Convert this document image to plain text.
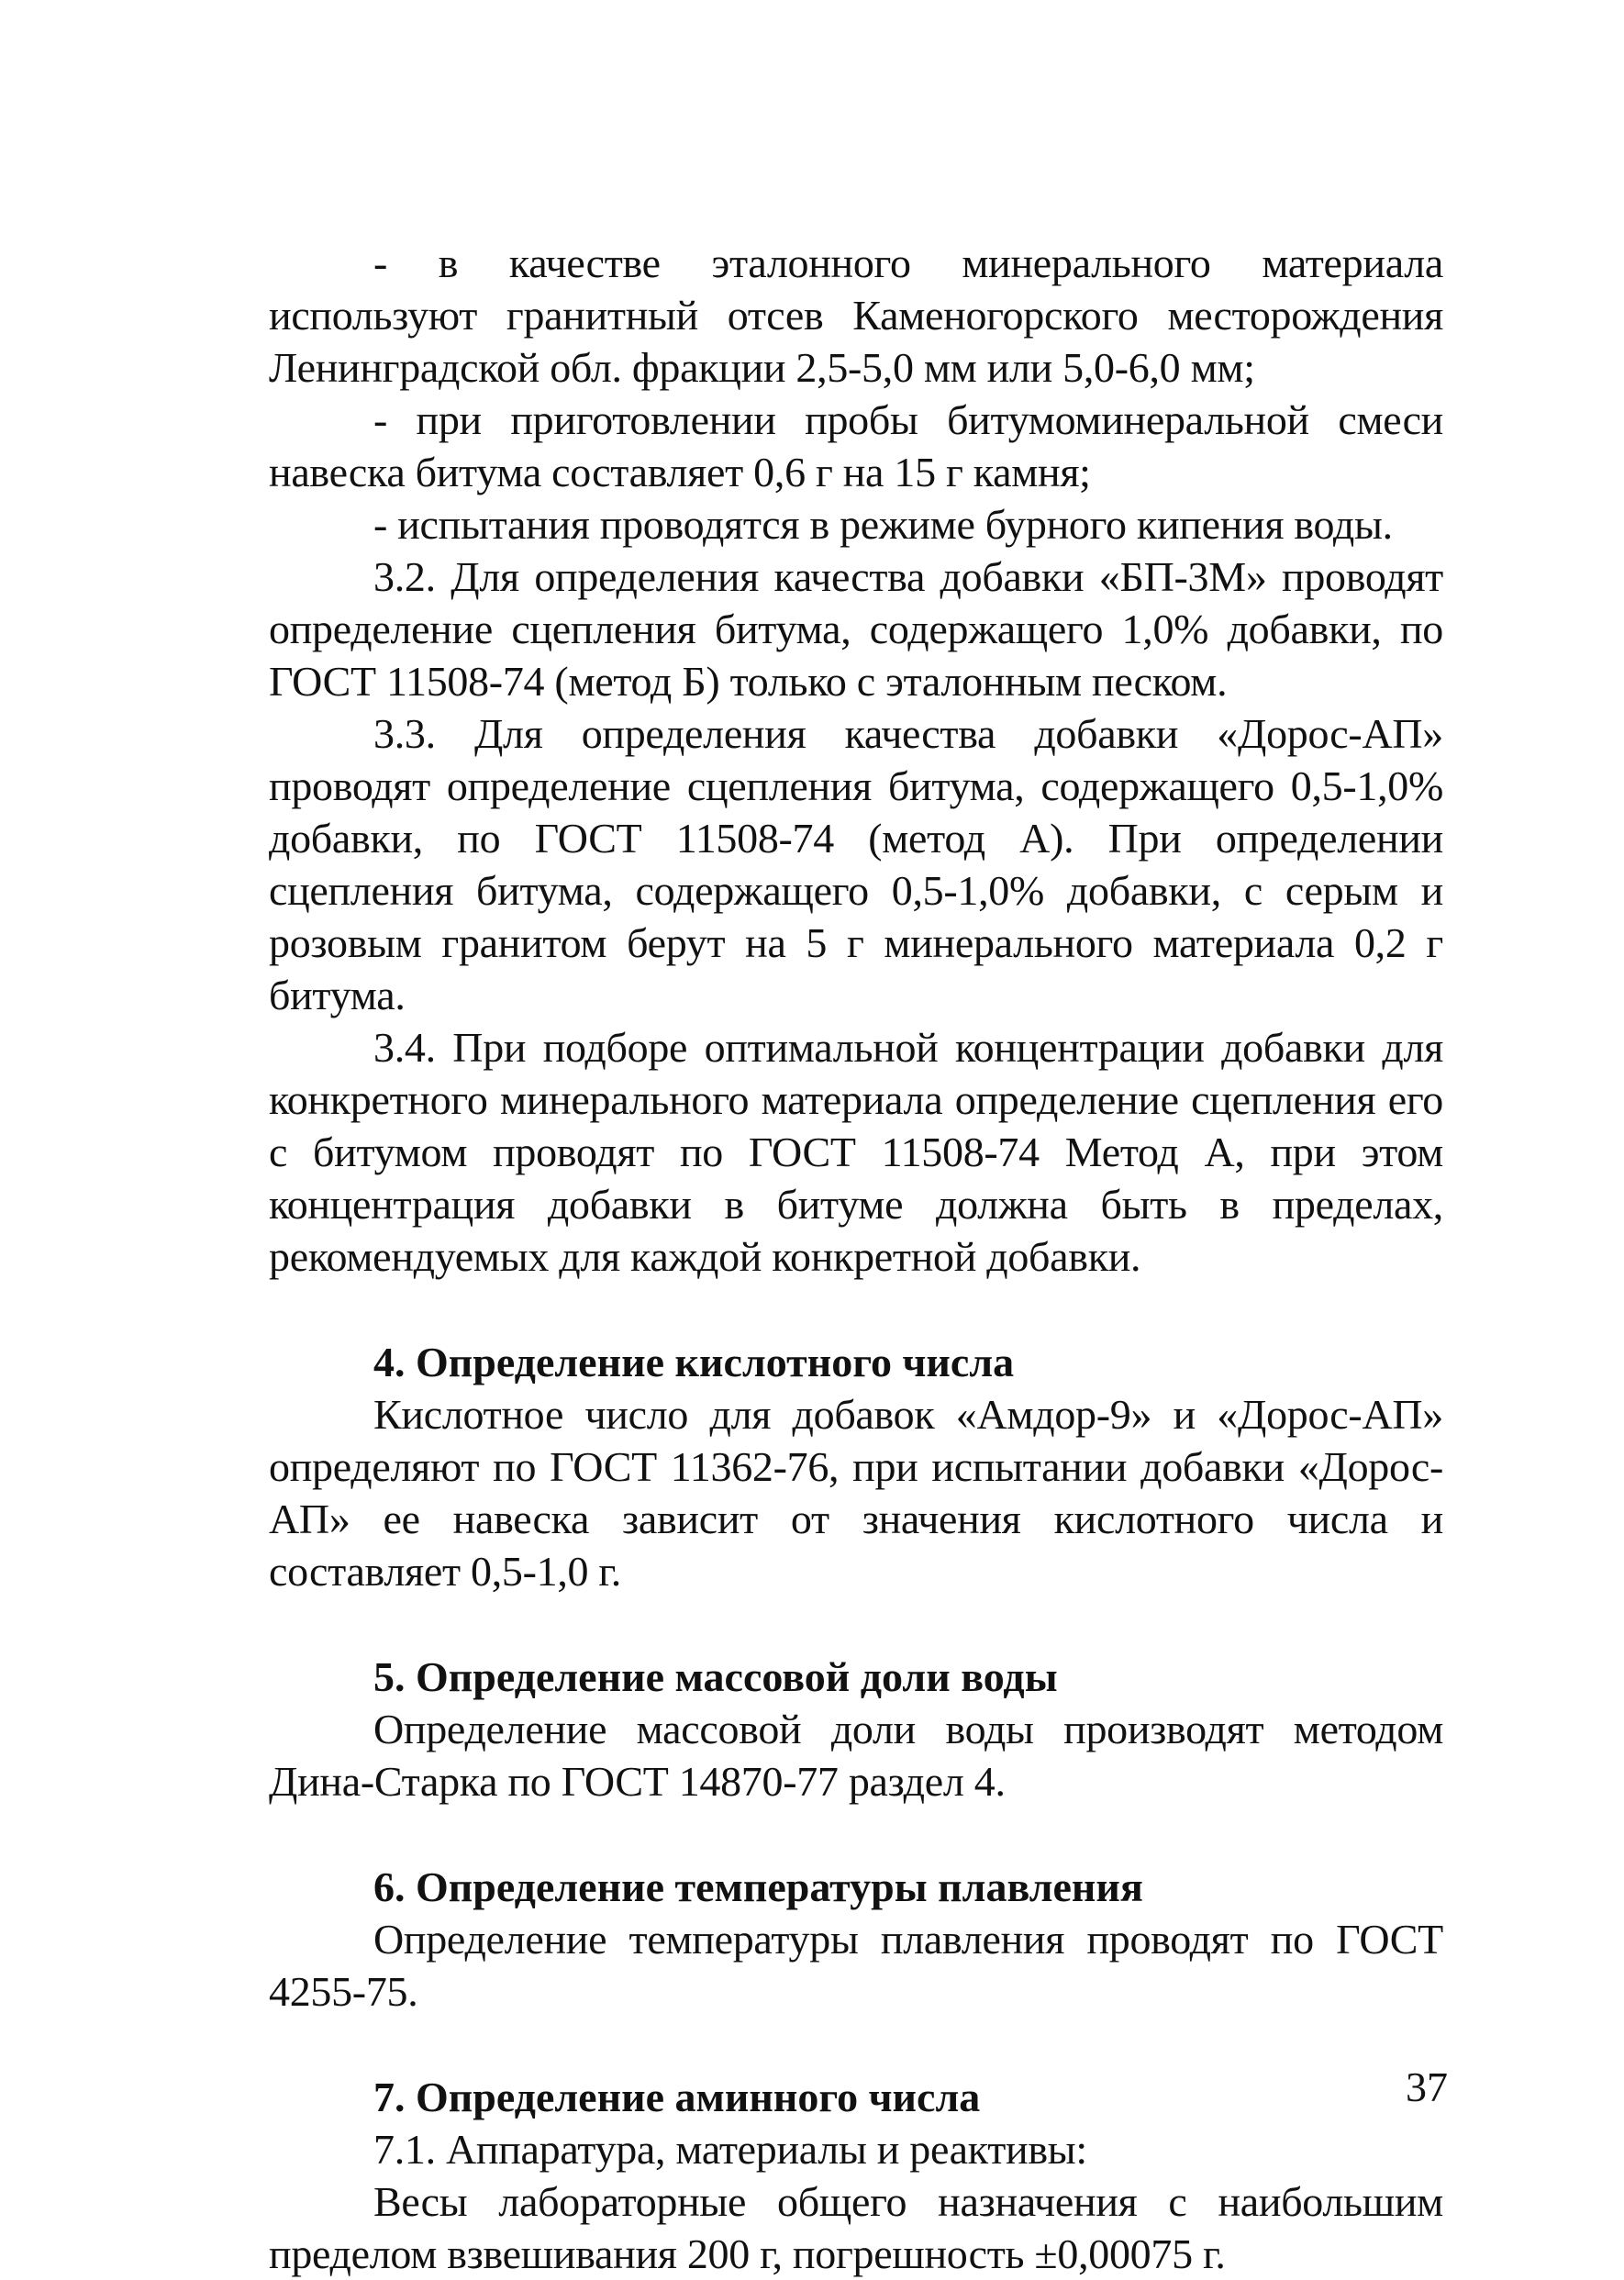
- в качестве эталонного минерального материала используют гранитный отсев Каменогорского месторождения Ленинградской обл. фракции 2,5-5,0 мм или 5,0-6,0 мм;

- при приготовлении пробы битумоминеральной смеси навеска битума составляет 0,6 г на 15 г камня;

- испытания проводятся в режиме бурного кипения воды.

3.2. Для определения качества добавки «БП-3М» проводят определение сцепления битума, содержащего 1,0% добавки, по ГОСТ 11508-74 (метод Б) только с эталонным песком.

3.3. Для определения качества добавки «Дорос-АП» проводят определение сцепления битума, содержащего 0,5-1,0% добавки, по ГОСТ 11508-74 (метод А). При определении сцепления битума, содержащего 0,5-1,0% добавки, с серым и розовым гранитом берут на 5 г минерального материала 0,2 г битума.

3.4. При подборе оптимальной концентрации добавки для конкретного минерального материала определение сцепления его с битумом проводят по ГОСТ 11508-74 Метод А, при этом концентрация добавки в битуме должна быть в пределах, рекомендуемых для каждой конкретной добавки.

4. Определение кислотного числа

Кислотное число для добавок «Амдор-9» и «Дорос-АП» определяют по ГОСТ 11362-76, при испытании добавки «Дорос-АП» ее навеска зависит от значения кислотного числа и составляет 0,5-1,0 г.

5. Определение массовой доли воды

Определение массовой доли воды производят методом Дина-Старка по ГОСТ 14870-77 раздел 4.

6. Определение температуры плавления

Определение температуры плавления проводят по ГОСТ 4255-75.

7. Определение аминного числа

7.1. Аппаратура, материалы и реактивы:

Весы лабораторные общего назначения с наибольшим пределом взвешивания 200 г, погрешность ±0,00075 г.

37
